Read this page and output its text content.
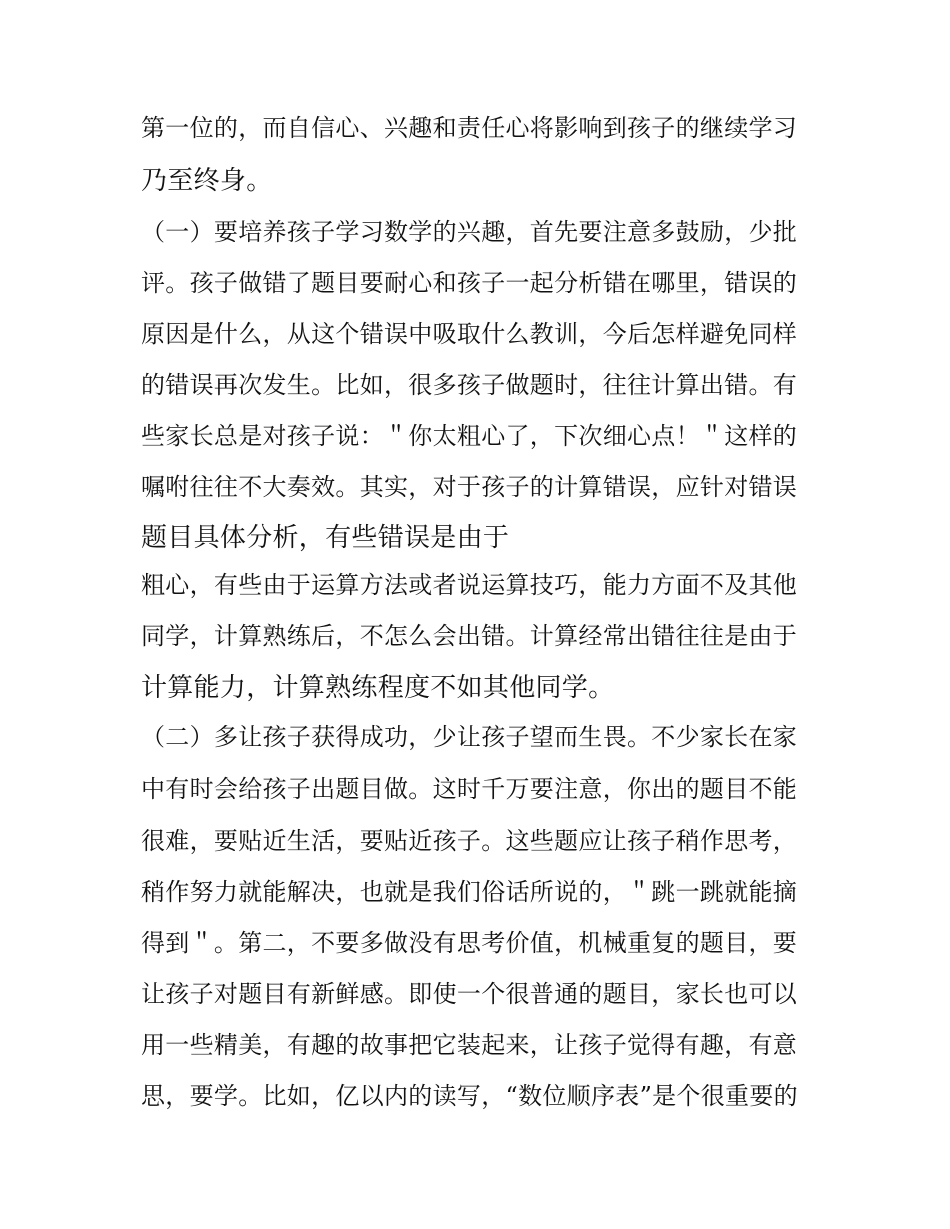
第一位的，而自信心、兴趣和责任心将影响到孩子的继续学习
乃至终身。
（一）要培养孩子学习数学的兴趣，首先要注意多鼓励，少批
评。孩子做错了题目要耐心和孩子一起分析错在哪里，错误的
原因是什么，从这个错误中吸取什么教训，今后怎样避免同样
的错误再次发生。比如，很多孩子做题时，往往计算出错。有
些家长总是对孩子说：＂你太粗心了，下次细心点！＂这样的
嘱咐往往不大奏效。其实，对于孩子的计算错误，应针对错误
题目具体分析，有些错误是由于
粗心，有些由于运算方法或者说运算技巧，能力方面不及其他
同学，计算熟练后，不怎么会出错。计算经常出错往往是由于
计算能力，计算熟练程度不如其他同学。
（二）多让孩子获得成功，少让孩子望而生畏。不少家长在家
中有时会给孩子出题目做。这时千万要注意，你出的题目不能
很难，要贴近生活，要贴近孩子。这些题应让孩子稍作思考，
稍作努力就能解决，也就是我们俗话所说的，＂跳一跳就能摘
得到＂。第二，不要多做没有思考价值，机械重复的题目，要
让孩子对题目有新鲜感。即使一个很普通的题目，家长也可以
用一些精美，有趣的故事把它装起来，让孩子觉得有趣，有意
思，要学。比如，亿以内的读写，“数位顺序表”是个很重要的
